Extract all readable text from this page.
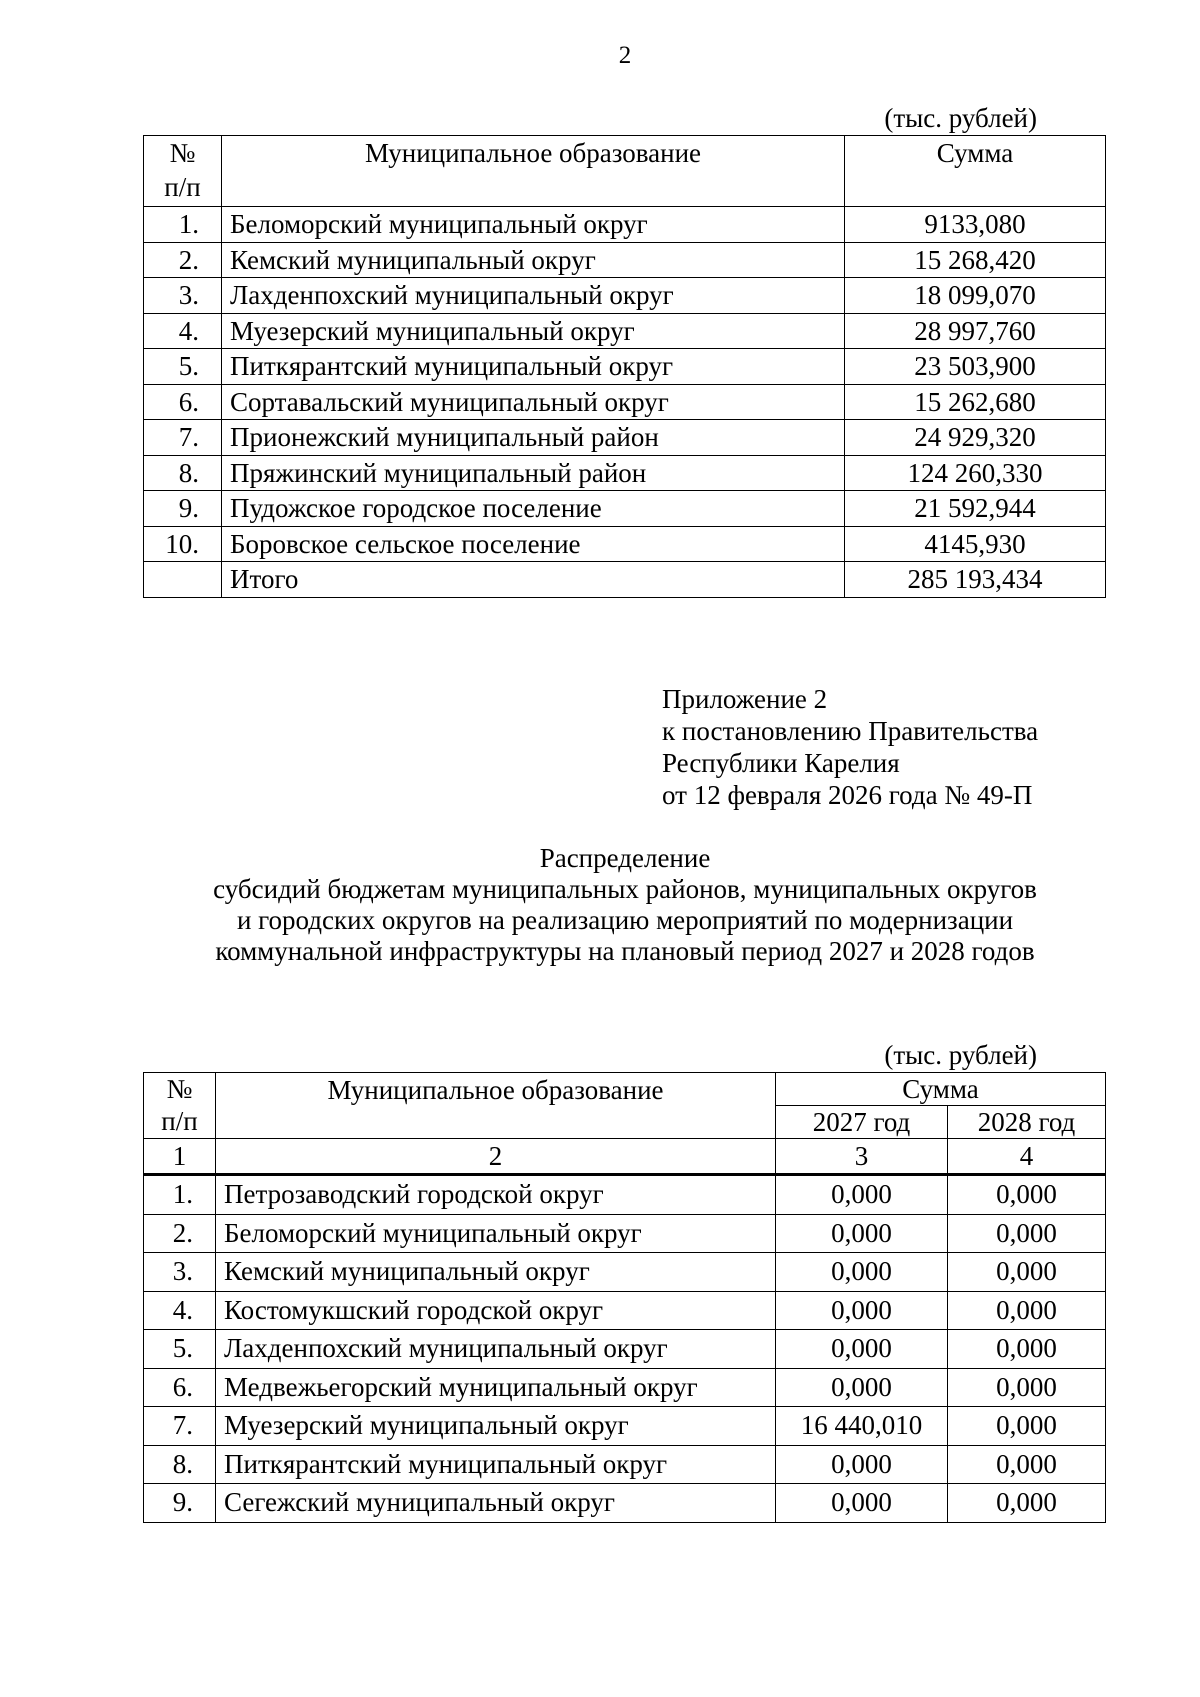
2
(тыс. рублей)
№
п/п	Муниципальное образование	Сумма
1.	Беломорский муниципальный округ	9133,080
2.	Кемский муниципальный округ	15 268,420
3.	Лахденпохский муниципальный округ	18 099,070
4.	Муезерский муниципальный округ	28 997,760
5.	Питкярантский муниципальный округ	23 503,900
6.	Сортавальский муниципальный округ	15 262,680
7.	Прионежский муниципальный район	24 929,320
8.	Пряжинский муниципальный район	124 260,330
9.	Пудожское городское поселение	21 592,944
10.	Боровское сельское поселение	4145,930
	Итого	285 193,434
Приложение 2
к постановлению Правительства
Республики Карелия
от 12 февраля 2026 года № 49-П
Распределение
субсидий бюджетам муниципальных районов, муниципальных округов
и городских округов на реализацию мероприятий по модернизации
коммунальной инфраструктуры на плановый период 2027 и 2028 годов
(тыс. рублей)
№
п/п	Муниципальное образование	Сумма	
		2027 год	2028 год
1	2	3	4
1.	Петрозаводский городской округ	0,000	0,000
2.	Беломорский муниципальный округ	0,000	0,000
3.	Кемский муниципальный округ	0,000	0,000
4.	Костомукшский городской округ	0,000	0,000
5.	Лахденпохский муниципальный округ	0,000	0,000
6.	Медвежьегорский муниципальный округ	0,000	0,000
7.	Муезерский муниципальный округ	16 440,010	0,000
8.	Питкярантский муниципальный округ	0,000	0,000
9.	Сегежский муниципальный округ	0,000	0,000
